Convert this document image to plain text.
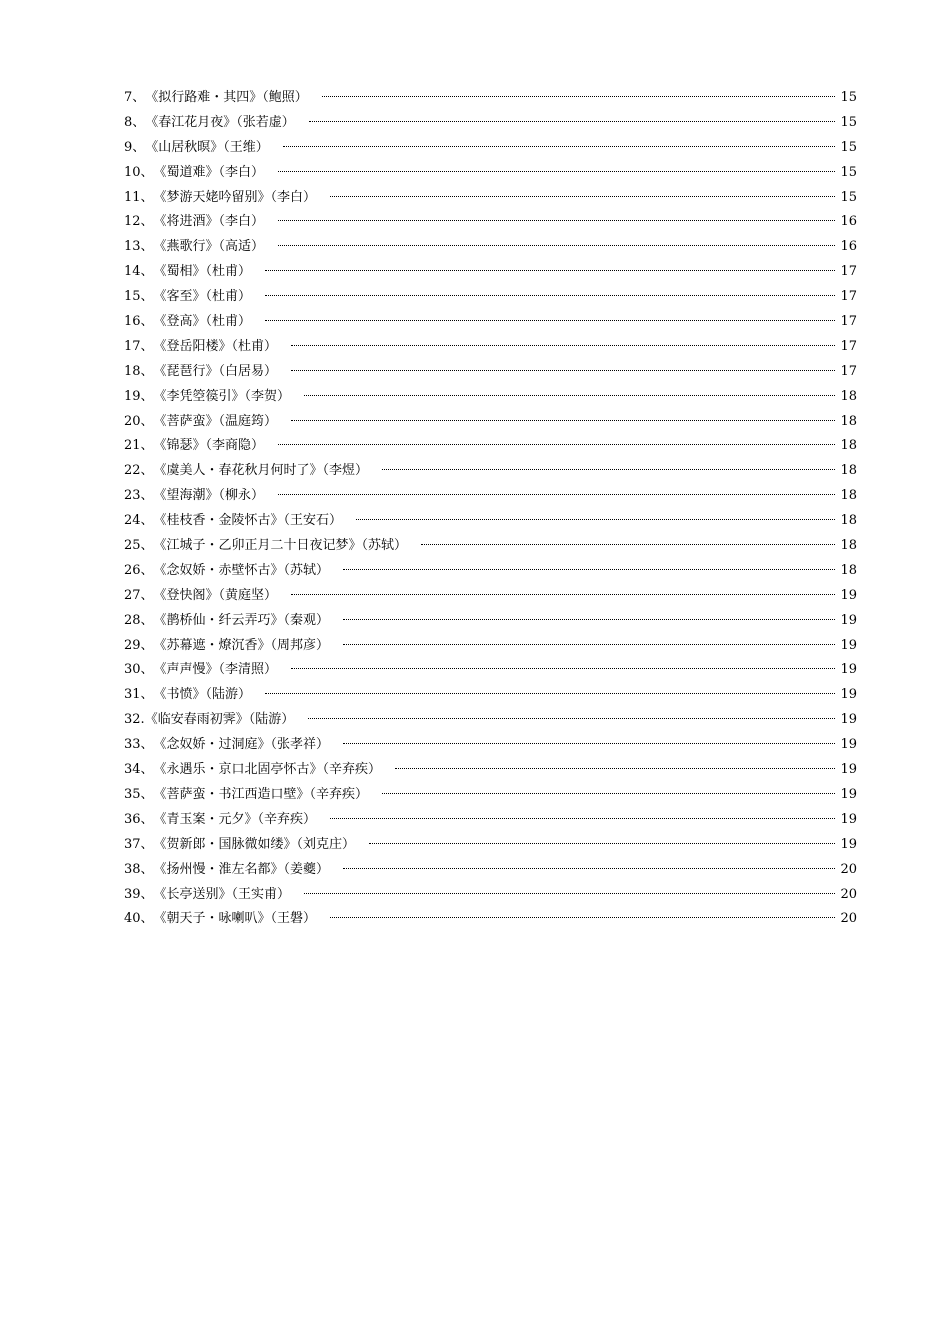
7、 《拟行路难・其四》（鲍照）	15
8、 《春江花月夜》（张若虚）	15
9、 《山居秋暝》（王维）	15
10、 《蜀道难》（李白）	15
11、 《梦游天姥吟留别》（李白）	15
12、 《将进酒》（李白）	16
13、 《燕歌行》（高适）	16
14、 《蜀相》（杜甫）	17
15、 《客至》（杜甫）	17
16、 《登高》（杜甫）	17
17、 《登岳阳楼》（杜甫）	17
18、 《琵琶行》（白居易）	17
19、 《李凭箜篌引》（李贺）	18
20、 《菩萨蛮》（温庭筠）	18
21、 《锦瑟》（李商隐）	18
22、 《虞美人・春花秋月何时了》（李煜）	18
23、 《望海潮》（柳永）	18
24、 《桂枝香・金陵怀古》（王安石）	18
25、 《江城子・乙卯正月二十日夜记梦》（苏轼）	18
26、 《念奴娇・赤壁怀古》（苏轼）	18
27、 《登快阁》（黄庭坚）	19
28、 《鹊桥仙・纤云弄巧》（秦观）	19
29、 《苏幕遮・燎沉香》（周邦彦）	19
30、 《声声慢》（李清照）	19
31、 《书愤》（陆游）	19
32. 《临安春雨初霁》（陆游）	19
33、 《念奴娇・过洞庭》（张孝祥）	19
34、 《永遇乐・京口北固亭怀古》（辛弃疾）	19
35、 《菩萨蛮・书江西造口壁》（辛弃疾）	19
36、 《青玉案・元夕》（辛弃疾）	19
37、 《贺新郎・国脉微如缕》（刘克庄）	19
38、 《扬州慢・淮左名都》（姜夔）	20
39、 《长亭送别》（王实甫）	20
40、 《朝天子・咏喇叭》（王磐）	20
